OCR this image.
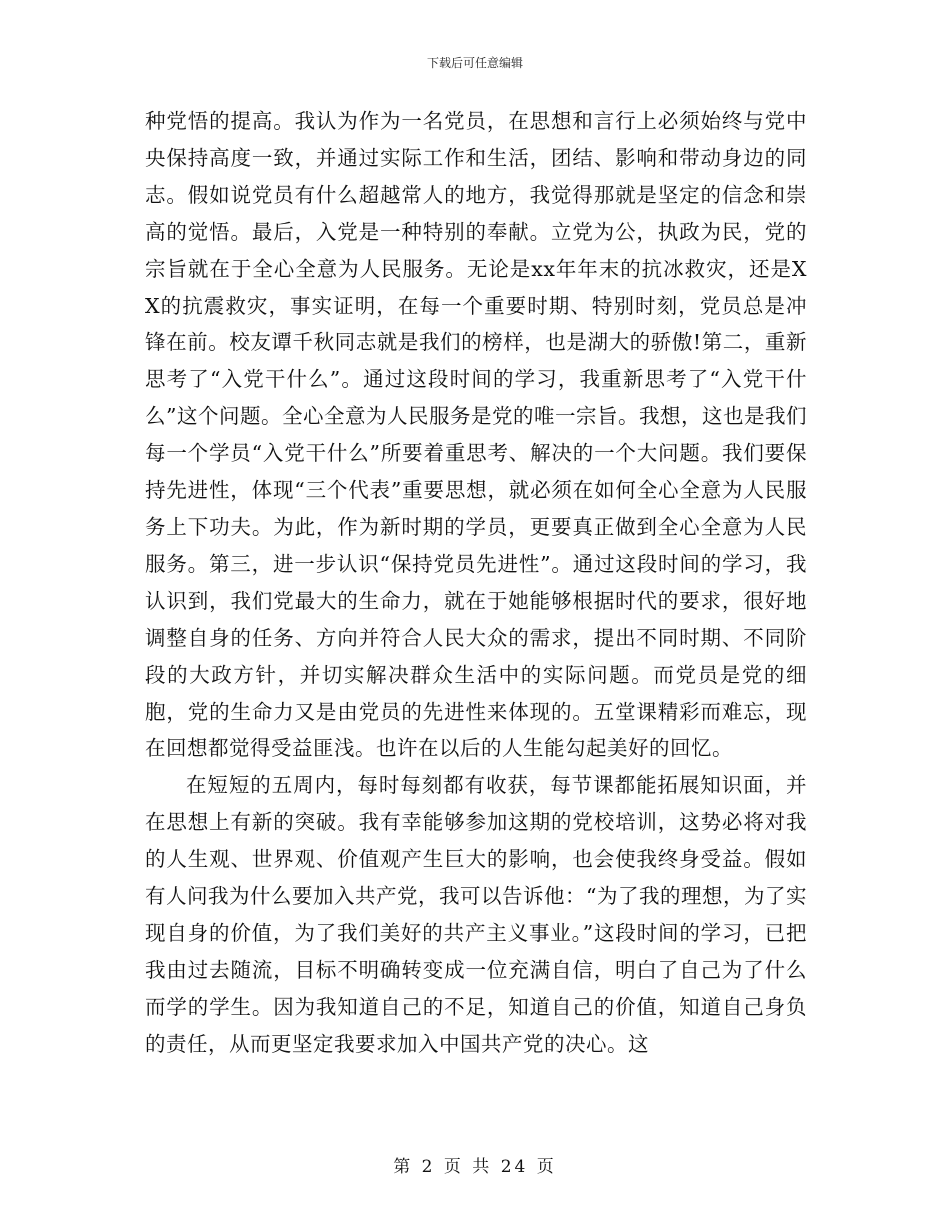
下载后可任意编辑

种党悟的提高。我认为作为一名党员，在思想和言行上必须始终与党中央保持高度一致，并通过实际工作和生活，团结、影响和带动身边的同志。假如说党员有什么超越常人的地方，我觉得那就是坚定的信念和崇高的觉悟。最后，入党是一种特别的奉献。立党为公，执政为民，党的宗旨就在于全心全意为人民服务。无论是xx年年末的抗冰救灾，还是XX的抗震救灾，事实证明，在每一个重要时期、特别时刻，党员总是冲锋在前。校友谭千秋同志就是我们的榜样，也是湖大的骄傲!第二，重新思考了“入党干什么”。通过这段时间的学习，我重新思考了“入党干什么”这个问题。全心全意为人民服务是党的唯一宗旨。我想，这也是我们每一个学员“入党干什么”所要着重思考、解决的一个大问题。我们要保持先进性，体现“三个代表”重要思想，就必须在如何全心全意为人民服务上下功夫。为此，作为新时期的学员，更要真正做到全心全意为人民服务。第三，进一步认识“保持党员先进性”。通过这段时间的学习，我认识到，我们党最大的生命力，就在于她能够根据时代的要求，很好地调整自身的任务、方向并符合人民大众的需求，提出不同时期、不同阶段的大政方针，并切实解决群众生活中的实际问题。而党员是党的细胞，党的生命力又是由党员的先进性来体现的。五堂课精彩而难忘，现在回想都觉得受益匪浅。也许在以后的人生能勾起美好的回忆。

在短短的五周内，每时每刻都有收获，每节课都能拓展知识面，并在思想上有新的突破。我有幸能够参加这期的党校培训，这势必将对我的人生观、世界观、价值观产生巨大的影响，也会使我终身受益。假如有人问我为什么要加入共产党，我可以告诉他：“为了我的理想，为了实现自身的价值，为了我们美好的共产主义事业。”这段时间的学习，已把我由过去随流，目标不明确转变成一位充满自信，明白了自己为了什么而学的学生。因为我知道自己的不足，知道自己的价值，知道自己身负的责任，从而更坚定我要求加入中国共产党的决心。这

第 2 页 共 24 页
